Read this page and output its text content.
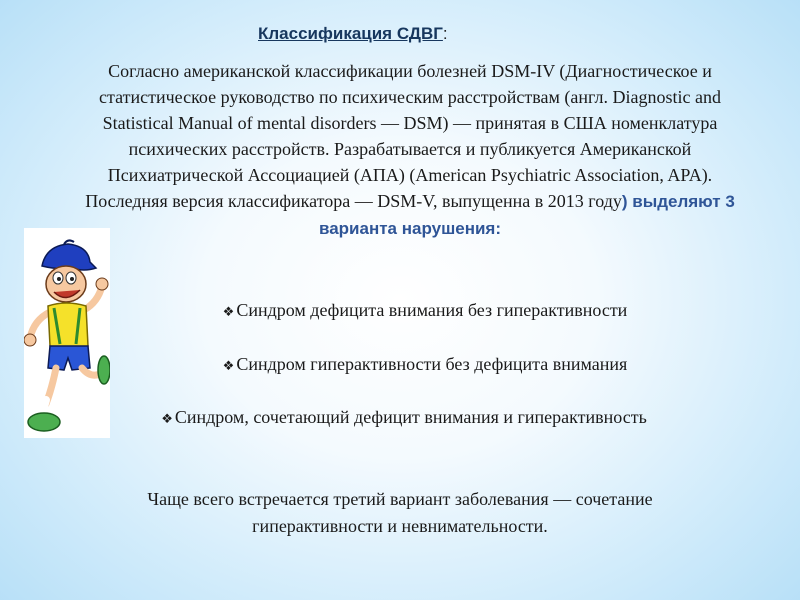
Классификация СДВГ:
Согласно американской классификации болезней DSM-IV (Диагностическое и статистическое руководство по психическим расстройствам (англ. Diagnostic and Statistical Manual of mental disorders — DSM) — принятая в США номенклатура психических расстройств. Разрабатывается и публикуется Американской Психиатрической Ассоциацией (АПА) (American Psychiatric Association, APA). Последняя версия классификатора — DSM-V, выпущенна в 2013 году) выделяют 3 варианта нарушения:
❖ Синдром дефицита внимания без гиперактивности
❖ Синдром гиперактивности без дефицита внимания
❖ Синдром, сочетающий дефицит внимания и гиперактивность
Чаще всего встречается третий вариант заболевания — сочетание гиперактивности и невнимательности.
